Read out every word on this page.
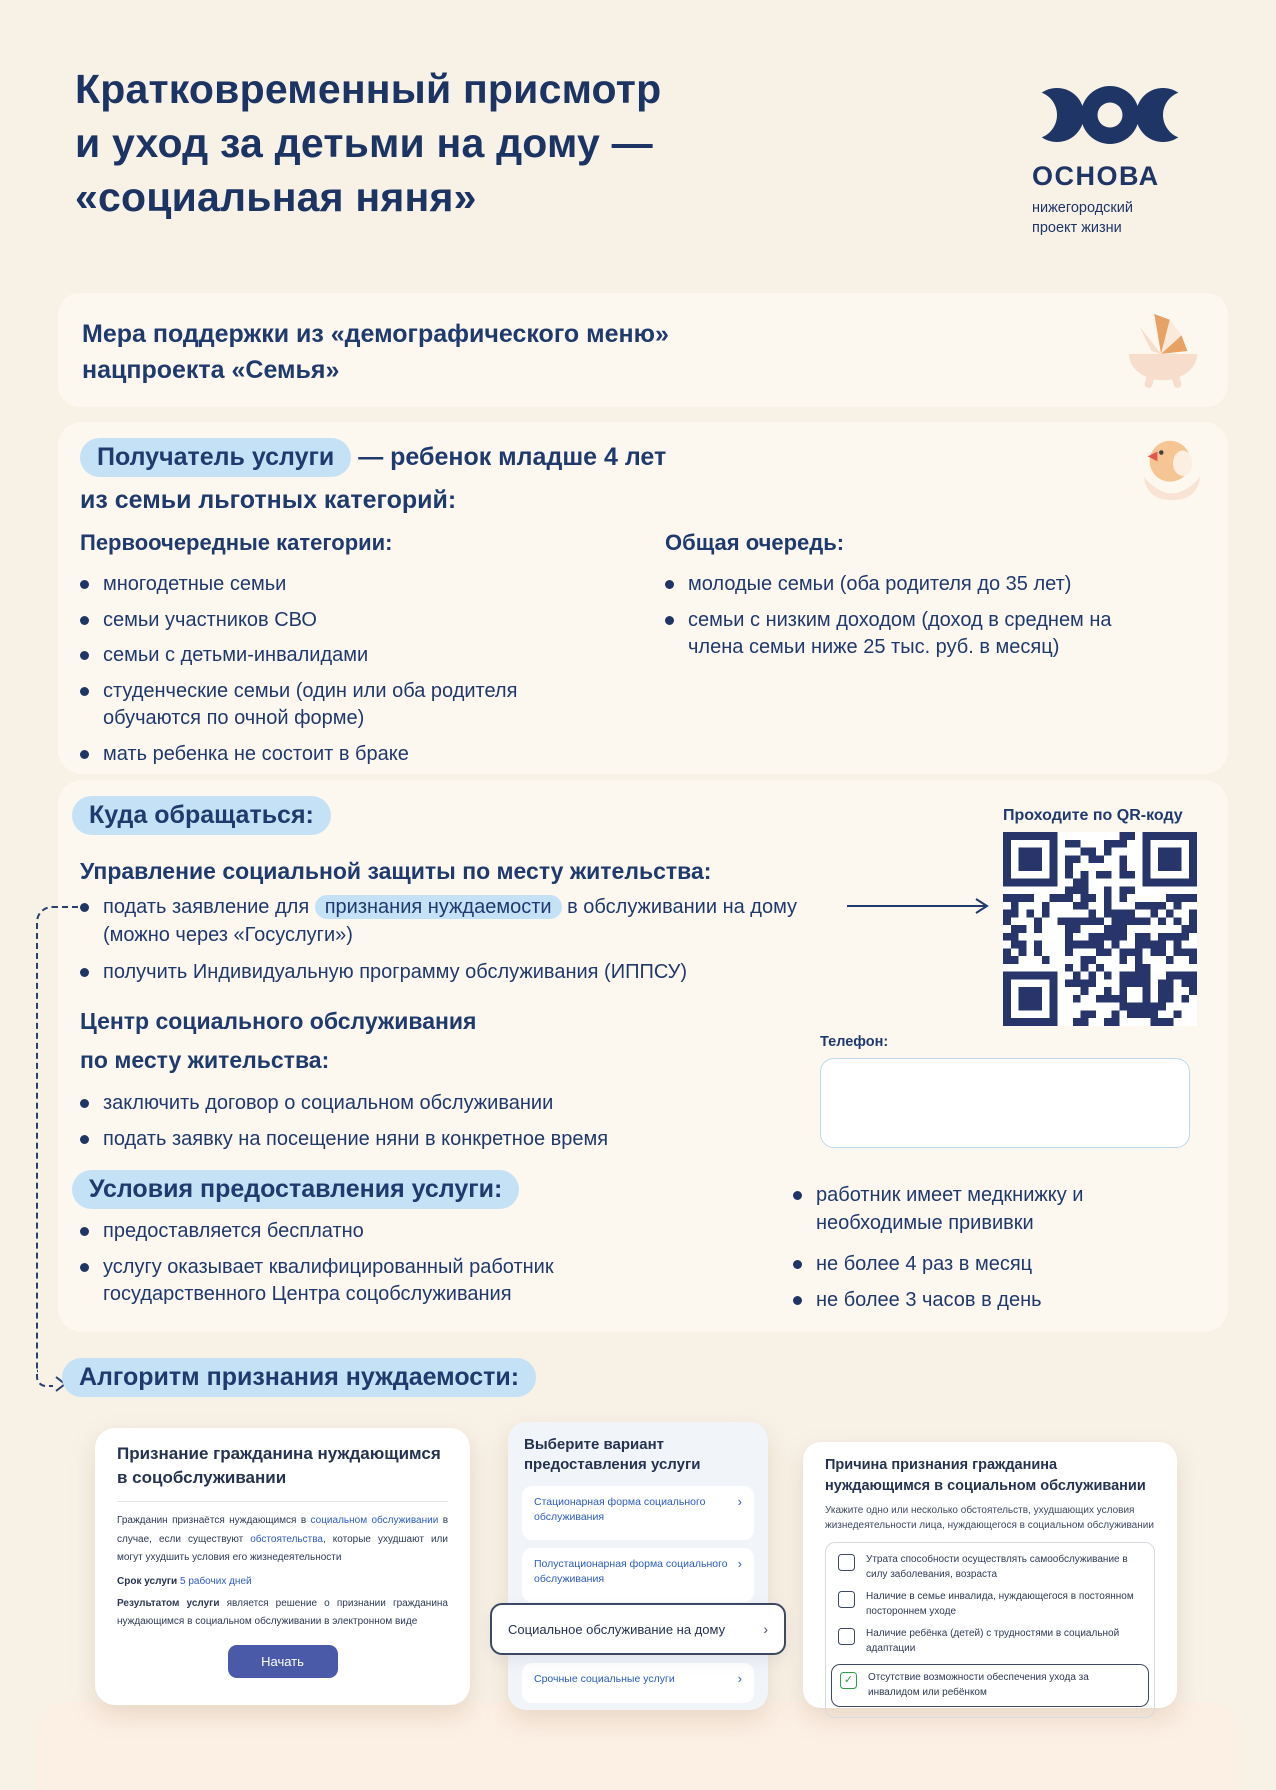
Кратковременный присмотр
и уход за детьми на дому —
«социальная няня»	ОСНОВА
нижегородский
проект жизни
Мера поддержки из «демографического меню»
нацпроекта «Семья»
Получатель услуги — ребенок младше 4 лет
из семьи льготных категорий:
Первоочередные категории:
многодетные семьи
семьи участников СВО
семьи с детьми-инвалидами
студенческие семьи (один или оба родителя обучаются по очной форме)
мать ребенка не состоит в браке
Общая очередь:
молодые семьи (оба родителя до 35 лет)
семьи с низким доходом (доход в среднем на члена семьи ниже 25 тыс. руб. в месяц)
Куда обращаться:	Проходите по QR-коду
Управление социальной защиты по месту жительства:
подать заявление для признания нуждаемости в обслуживании на дому (можно через «Госуслуги»)
получить Индивидуальную программу обслуживания (ИППСУ)
Центр социального обслуживания
по месту жительства:
заключить договор о социальном обслуживании
подать заявку на посещение няни в конкретное время
Телефон:
Условия предоставления услуги:
предоставляется бесплатно
услугу оказывает квалифицированный работник государственного Центра соцобслуживания
работник имеет медкнижку и необходимые прививки
не более 4 раз в месяц
не более 3 часов в день
Алгоритм признания нуждаемости:
Признание гражданина нуждающимся в соцобслуживании
Гражданин признаётся нуждающимся в социальном обслуживании в случае, если существуют обстоятельства, которые ухудшают или могут ухудшить условия его жизнедеятельности
Срок услуги 5 рабочих дней
Результатом услуги является решение о признании гражданина нуждающимся в социальном обслуживании в электронном виде
Начать
Выберите вариант предоставления услуги
Стационарная форма социального обслуживания
›
Полустационарная форма социального обслуживания
›
Социальное обслуживание на дому	›
Срочные социальные услуги	›
Причина признания гражданина нуждающимся в социальном обслуживании
Укажите одно или несколько обстоятельств, ухудшающих условия жизнедеятельности лица, нуждающегося в социальном обслуживании
Утрата способности осуществлять самообслуживание в силу заболевания, возраста
Наличие в семье инвалида, нуждающегося в постоянном постороннем уходе
Наличие ребёнка (детей) с трудностями в социальной адаптации
✓	Отсутствие возможности обеспечения ухода за инвалидом или ребёнком
